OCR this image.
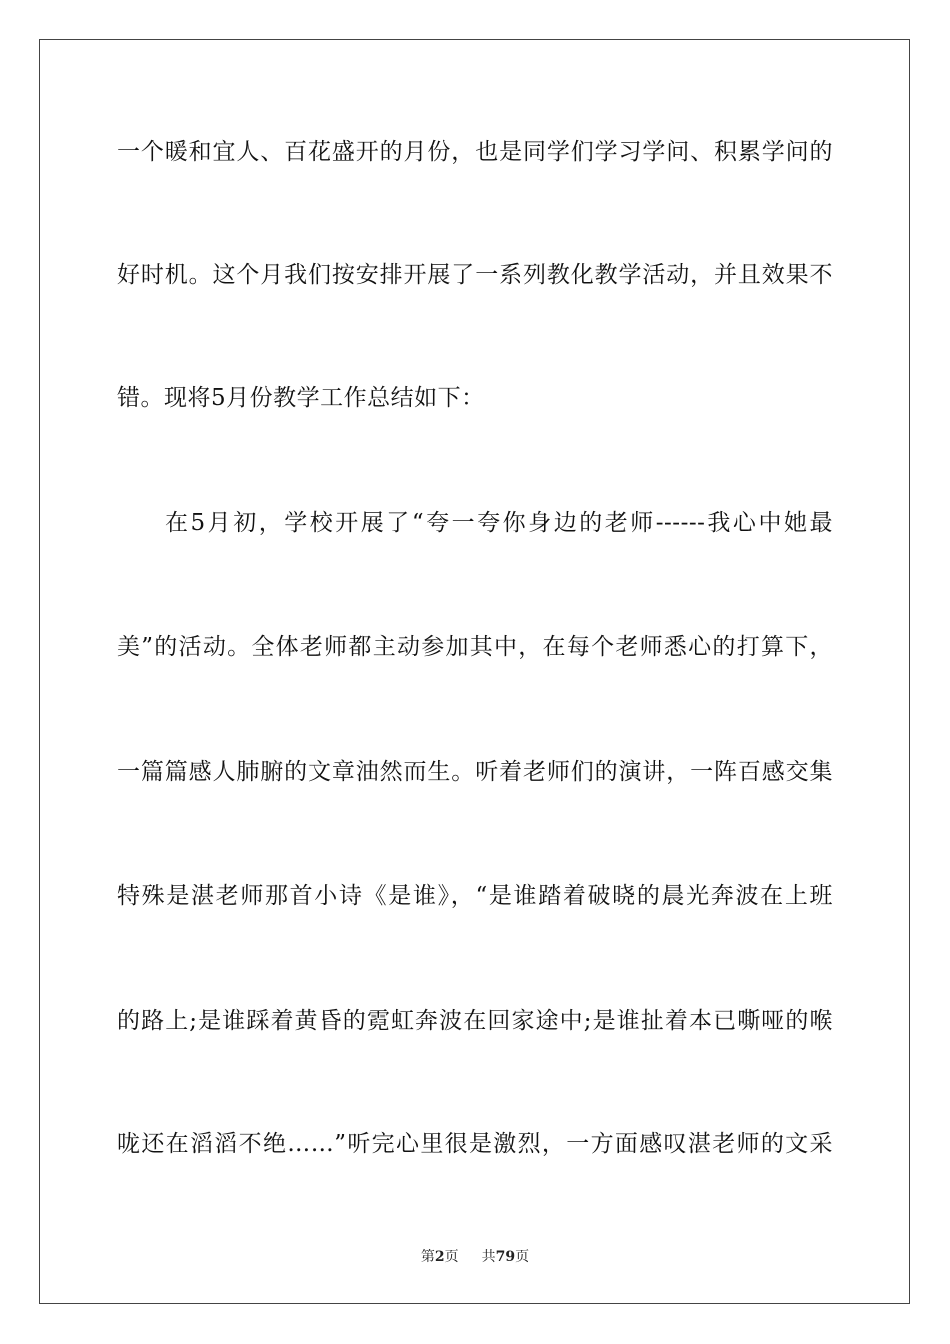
一个暖和宜人、百花盛开的月份，也是同学们学习学问、积累学问的
好时机。这个月我们按安排开展了一系列教化教学活动，并且效果不
错。现将5月份教学工作总结如下：
在5月初，学校开展了“夸一夸你身边的老师------我心中她最
美”的活动。全体老师都主动参加其中，在每个老师悉心的打算下，
一篇篇感人肺腑的文章油然而生。听着老师们的演讲，一阵百感交集
特殊是湛老师那首小诗《是谁》，“是谁踏着破晓的晨光奔波在上班
的路上;是谁踩着黄昏的霓虹奔波在回家途中;是谁扯着本已嘶哑的喉
咙还在滔滔不绝……”听完心里很是激烈，一方面感叹湛老师的文采
第2页 共79页
